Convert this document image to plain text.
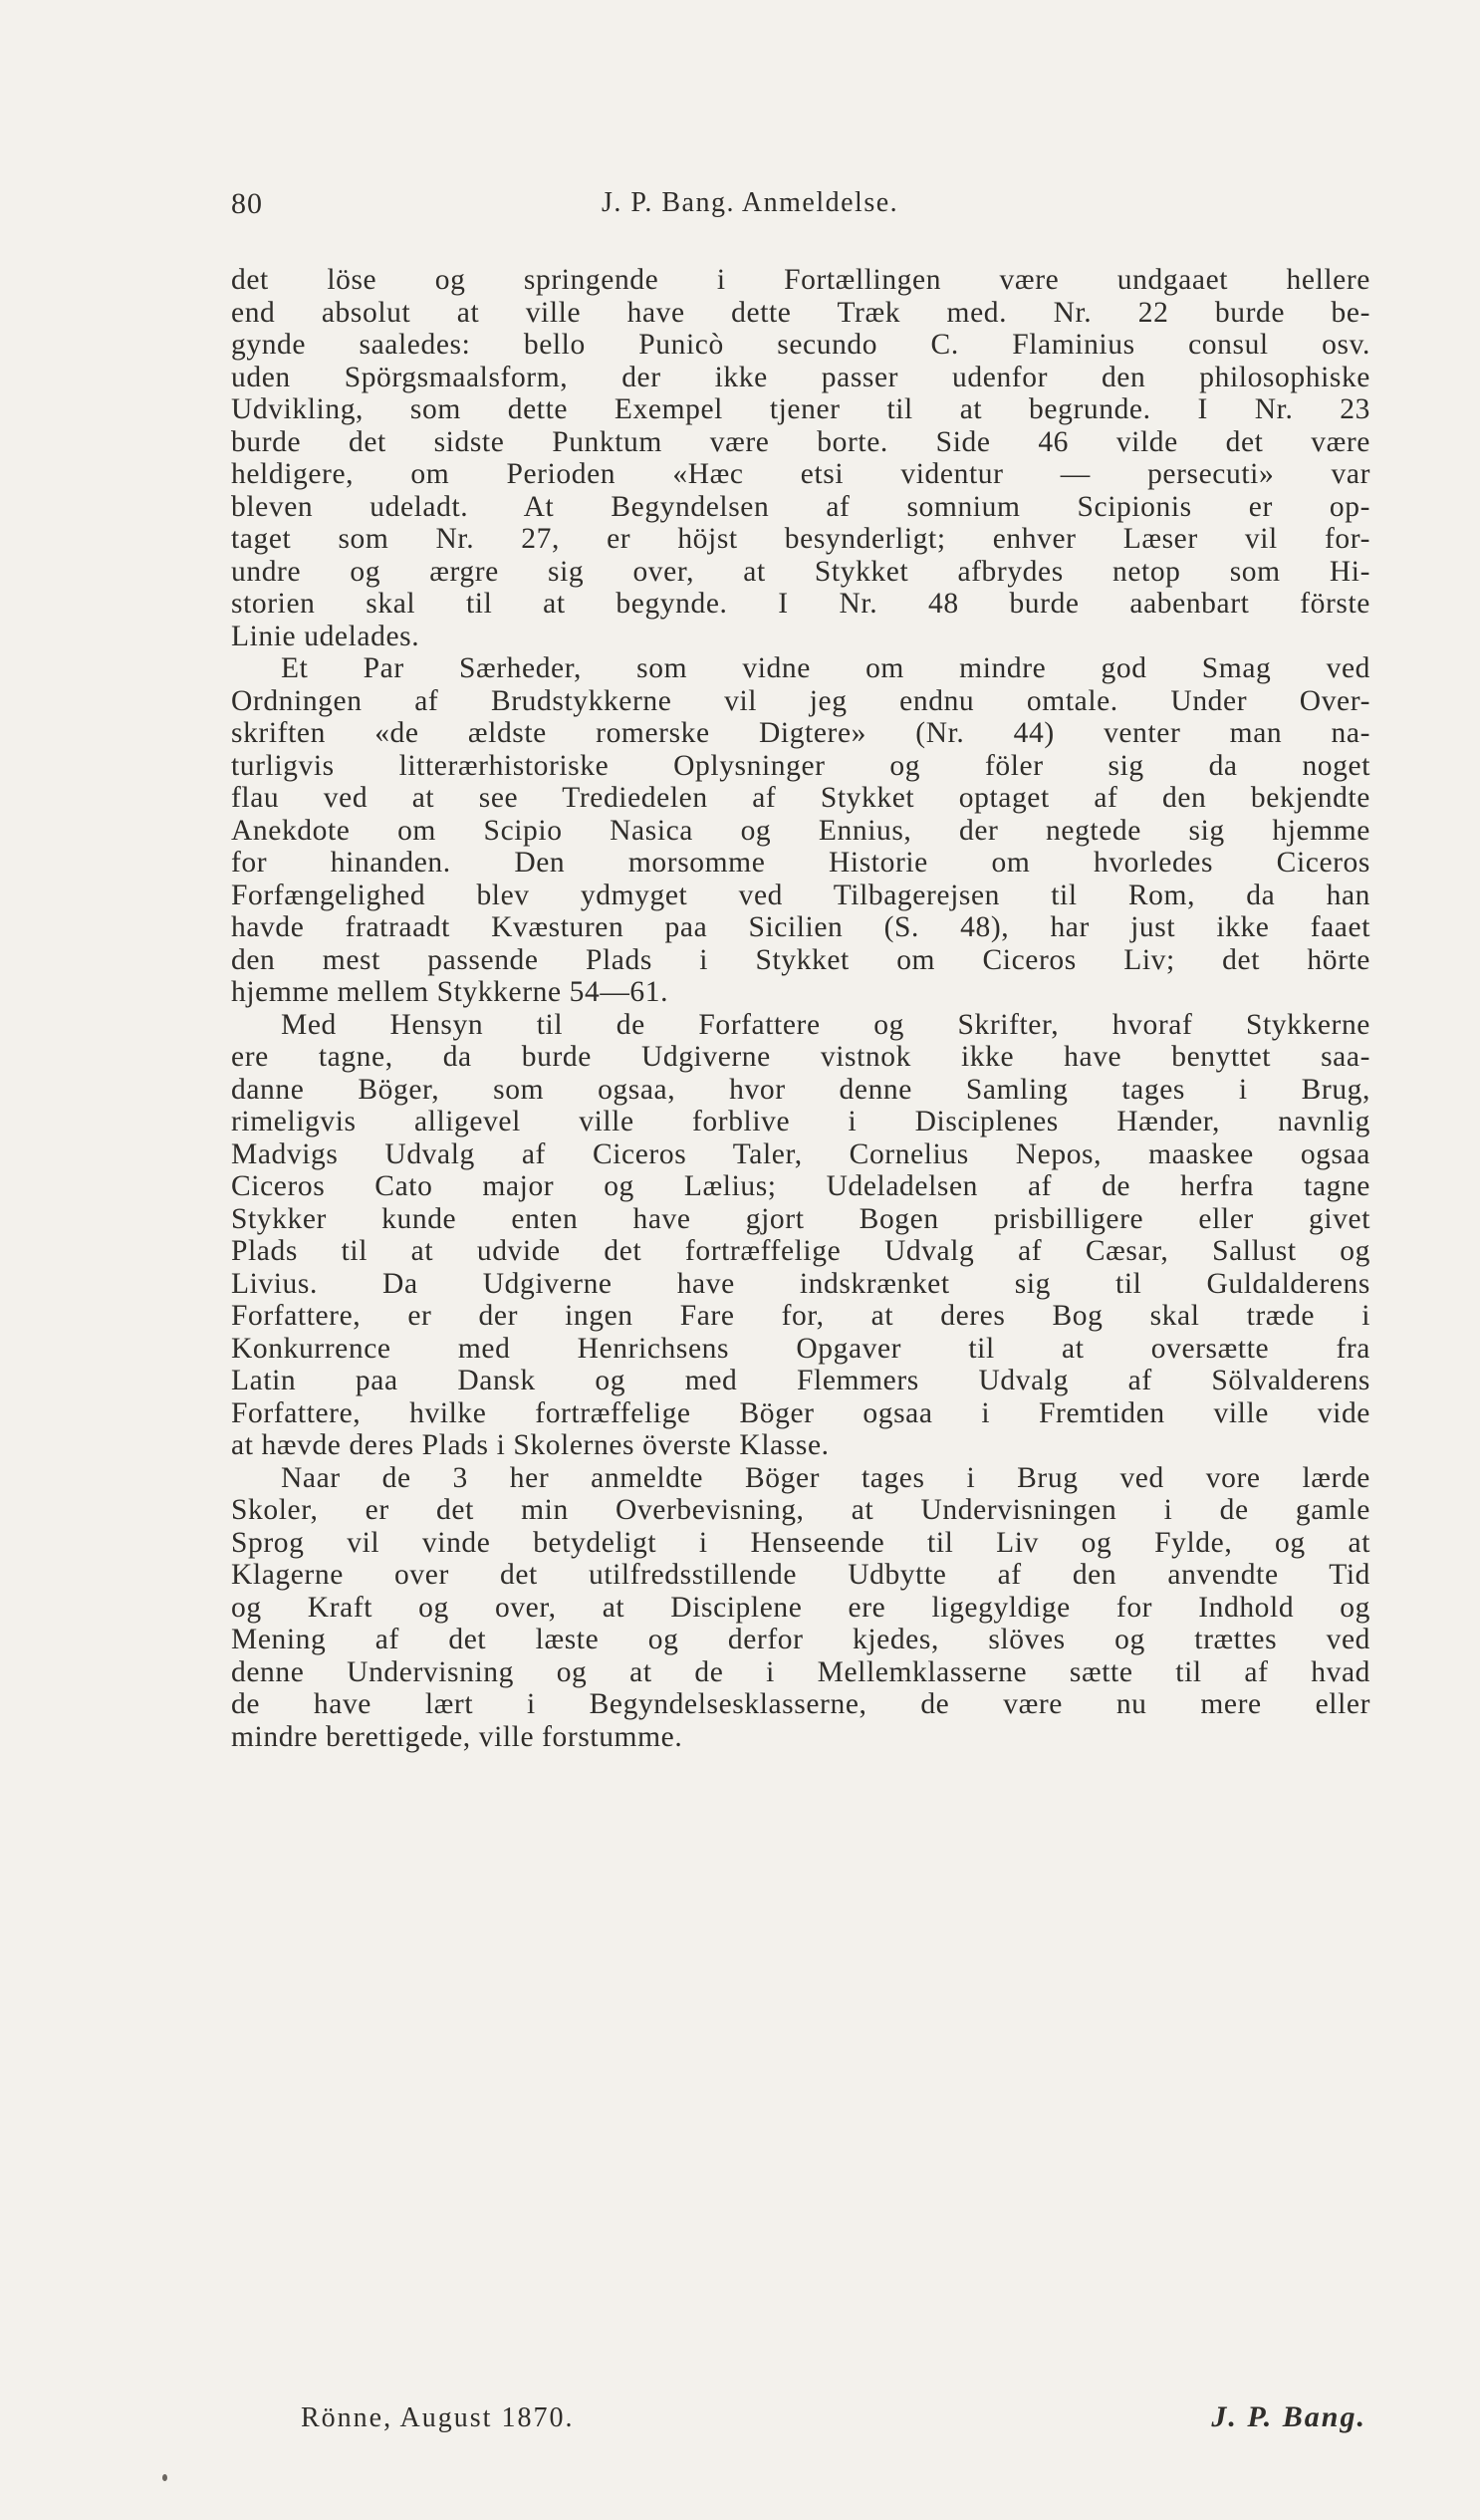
80	J. P. Bang. Anmeldelse.
det löse og springende i Fortællingen være undgaaet hellere
end absolut at ville have dette Træk med. Nr. 22 burde be-
gynde saaledes: bello Punicò secundo C. Flaminius consul osv.
uden Spörgsmaalsform, der ikke passer udenfor den philosophiske
Udvikling, som dette Exempel tjener til at begrunde. I Nr. 23
burde det sidste Punktum være borte. Side 46 vilde det være
heldigere, om Perioden «Hæc etsi videntur — persecuti» var
bleven udeladt. At Begyndelsen af somnium Scipionis er op-
taget som Nr. 27, er höjst besynderligt; enhver Læser vil for-
undre og ærgre sig over, at Stykket afbrydes netop som Hi-
storien skal til at begynde. I Nr. 48 burde aabenbart förste
Linie udelades.
Et Par Særheder, som vidne om mindre god Smag ved
Ordningen af Brudstykkerne vil jeg endnu omtale. Under Over-
skriften «de ældste romerske Digtere» (Nr. 44) venter man na-
turligvis litterærhistoriske Oplysninger og föler sig da noget
flau ved at see Trediedelen af Stykket optaget af den bekjendte
Anekdote om Scipio Nasica og Ennius, der negtede sig hjemme
for hinanden. Den morsomme Historie om hvorledes Ciceros
Forfængelighed blev ydmyget ved Tilbagerejsen til Rom, da han
havde fratraadt Kvæsturen paa Sicilien (S. 48), har just ikke faaet
den mest passende Plads i Stykket om Ciceros Liv; det hörte
hjemme mellem Stykkerne 54—61.
Med Hensyn til de Forfattere og Skrifter, hvoraf Stykkerne
ere tagne, da burde Udgiverne vistnok ikke have benyttet saa-
danne Böger, som ogsaa, hvor denne Samling tages i Brug,
rimeligvis alligevel ville forblive i Disciplenes Hænder, navnlig
Madvigs Udvalg af Ciceros Taler, Cornelius Nepos, maaskee ogsaa
Ciceros Cato major og Lælius; Udeladelsen af de herfra tagne
Stykker kunde enten have gjort Bogen prisbilligere eller givet
Plads til at udvide det fortræffelige Udvalg af Cæsar, Sallust og
Livius. Da Udgiverne have indskrænket sig til Guldalderens
Forfattere, er der ingen Fare for, at deres Bog skal træde i
Konkurrence med Henrichsens Opgaver til at oversætte fra
Latin paa Dansk og med Flemmers Udvalg af Sölvalderens
Forfattere, hvilke fortræffelige Böger ogsaa i Fremtiden ville vide
at hævde deres Plads i Skolernes överste Klasse.
Naar de 3 her anmeldte Böger tages i Brug ved vore lærde
Skoler, er det min Overbevisning, at Undervisningen i de gamle
Sprog vil vinde betydeligt i Henseende til Liv og Fylde, og at
Klagerne over det utilfredsstillende Udbytte af den anvendte Tid
og Kraft og over, at Disciplene ere ligegyldige for Indhold og
Mening af det læste og derfor kjedes, slöves og trættes ved
denne Undervisning og at de i Mellemklasserne sætte til af hvad
de have lært i Begyndelsesklasserne, de være nu mere eller
mindre berettigede, ville forstumme.
Rönne, August 1870.	J. P. Bang.
